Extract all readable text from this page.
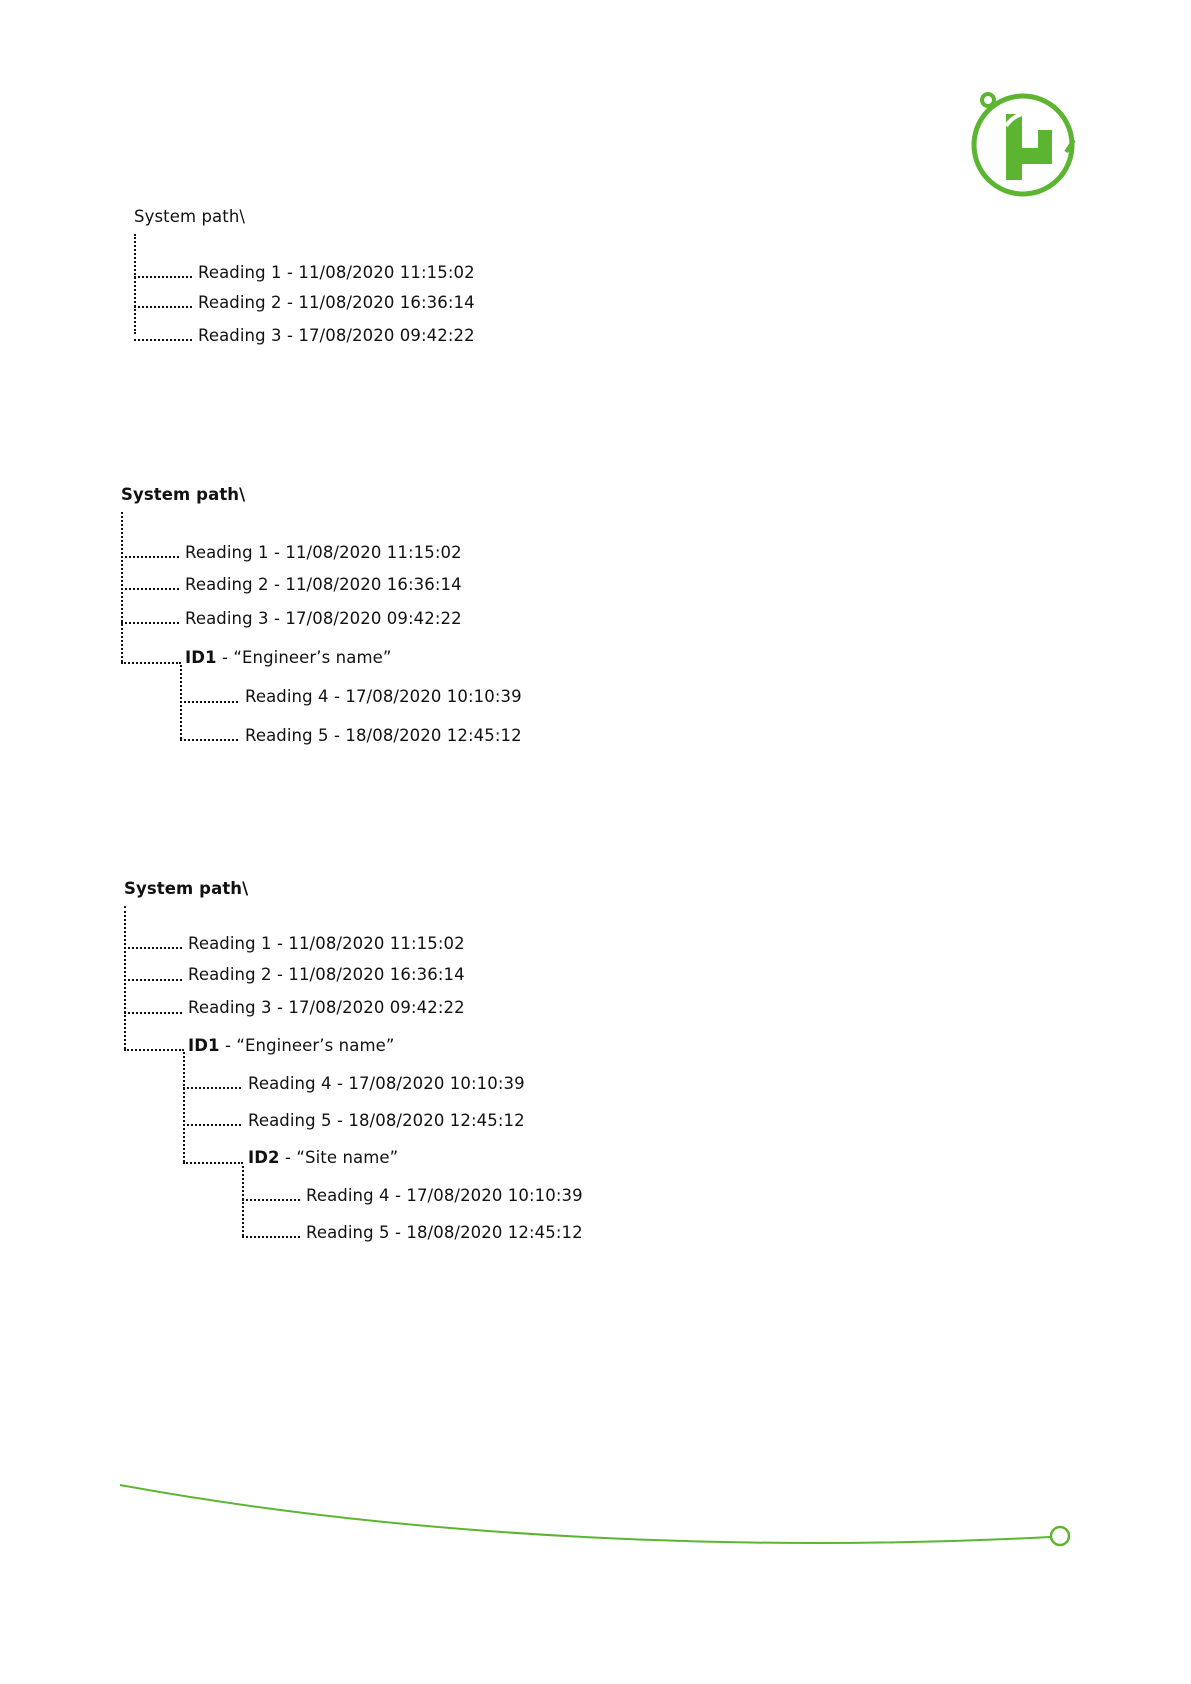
System path\
Reading 1 - 11/08/2020 11:15:02
Reading 2 - 11/08/2020 16:36:14
Reading 3 - 17/08/2020 09:42:22
System path\
Reading 1 - 11/08/2020 11:15:02
Reading 2 - 11/08/2020 16:36:14
Reading 3 - 17/08/2020 09:42:22
ID1 - “Engineer’s name”
Reading 4 - 17/08/2020 10:10:39
Reading 5 - 18/08/2020 12:45:12
System path\
Reading 1 - 11/08/2020 11:15:02
Reading 2 - 11/08/2020 16:36:14
Reading 3 - 17/08/2020 09:42:22
ID1 - “Engineer’s name”
Reading 4 - 17/08/2020 10:10:39
Reading 5 - 18/08/2020 12:45:12
ID2 - “Site name”
Reading 4 - 17/08/2020 10:10:39
Reading 5 - 18/08/2020 12:45:12
